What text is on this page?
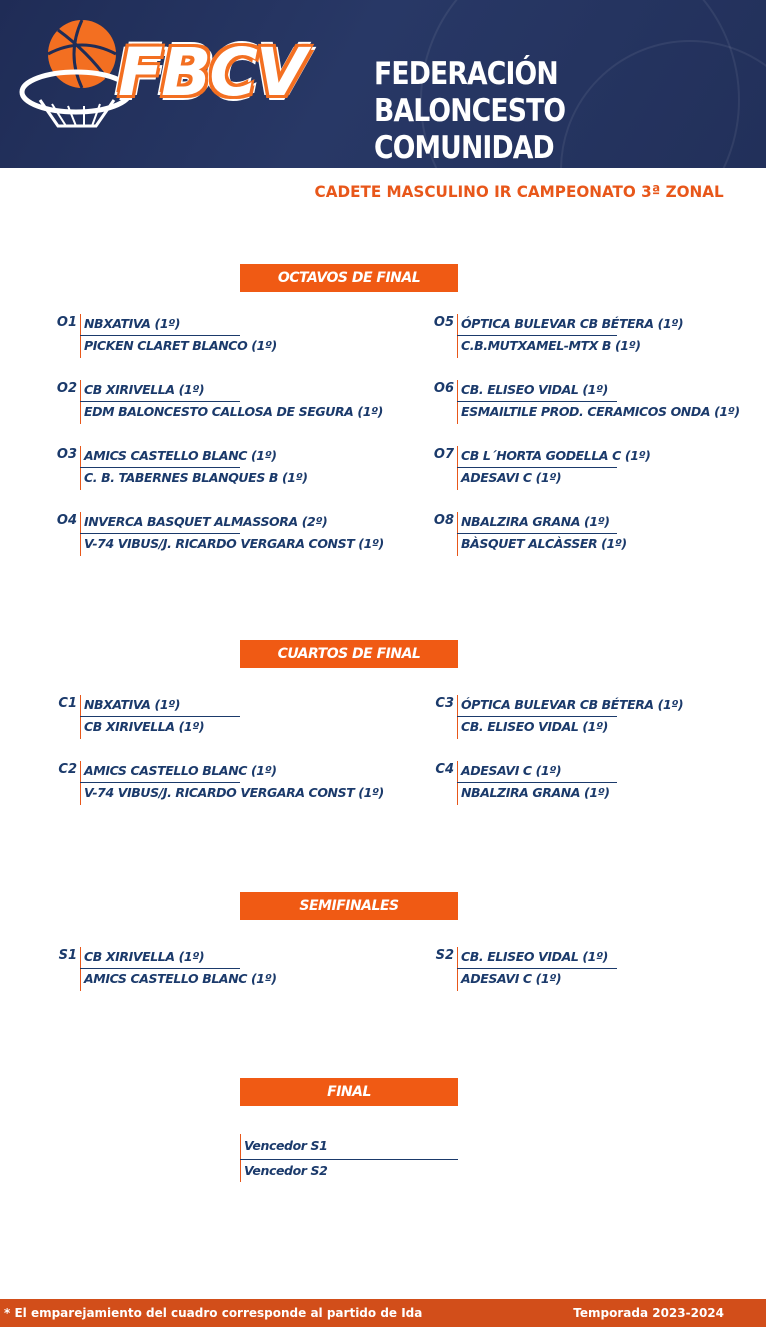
FBCV FEDERACIÓN BALONCESTO
COMUNIDAD
CADETE MASCULINO IR CAMPEONATO 3ª ZONAL
OCTAVOS DE FINAL
O1 NBXATIVA (1º)
PICKEN CLARET BLANCO (1º)
O2 CB XIRIVELLA (1º)
EDM BALONCESTO CALLOSA DE SEGURA (1º)
O3 AMICS CASTELLO BLANC (1º)
C. B. TABERNES BLANQUES B (1º)
O4 INVERCA BASQUET ALMASSORA (2º)
V-74 VIBUS/J. RICARDO VERGARA CONST (1º)
O5 ÓPTICA BULEVAR CB BÉTERA (1º)
C.B.MUTXAMEL-MTX B (1º)
O6 CB. ELISEO VIDAL (1º)
ESMAILTILE PROD. CERAMICOS ONDA (1º)
O7 CB L´HORTA GODELLA C (1º)
ADESAVI C (1º)
O8 NBALZIRA GRANA (1º)
BÀSQUET ALCÀSSER (1º)
CUARTOS DE FINAL
C1 NBXATIVA (1º)
CB XIRIVELLA (1º)
C2 AMICS CASTELLO BLANC (1º)
V-74 VIBUS/J. RICARDO VERGARA CONST (1º)
C3 ÓPTICA BULEVAR CB BÉTERA (1º)
CB. ELISEO VIDAL (1º)
C4 ADESAVI C (1º)
NBALZIRA GRANA (1º)
SEMIFINALES
S1 CB XIRIVELLA (1º)
AMICS CASTELLO BLANC (1º)
S2 CB. ELISEO VIDAL (1º)
ADESAVI C (1º)
FINAL
Vencedor S1
Vencedor S2
* El emparejamiento del cuadro corresponde al partido de Ida	Temporada 2023-2024
